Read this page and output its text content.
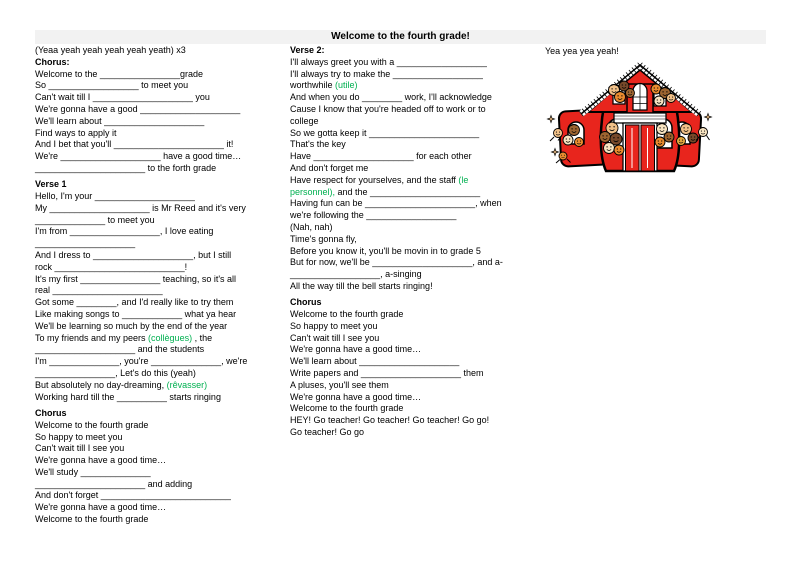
Welcome to the fourth grade!
(Yeaa yeah yeah yeah yeah yeath) x3
Chorus:
Welcome to the ________________grade
So __________________ to meet you
Can't wait till I ____________________ you
We're gonna have a good ____________________
We'll learn about ____________________
Find ways to apply it
And I bet that you'll ______________________ it!
We're ____________________ have a good time…
______________________ to the forth grade
Verse 1
Hello, I'm your ____________________
My ____________________ is Mr Reed and it's very
______________ to meet you
I'm from __________________, I love eating
____________________
And I dress to ____________________, but I still
rock __________________________!
It's my first ________________ teaching, so it's all
real ______________________
Got some ________, and I'd really like to try them
Like making songs to ____________ what ya hear
We'll be learning so much by the end of the year
To my friends and my peers (collègues) , the
____________________ and the students
I'm ______________, you're ______________, we're
________________, Let's do this (yeah)
But absolutely no day-dreaming, (rêvasser)
Working hard till the __________ starts ringing
Chorus
Welcome to the fourth grade
So happy to meet you
Can't wait till I see you
We're gonna have a good time…
We'll study ______________
______________________ and adding
And don't forget __________________________
We're gonna have a good time…
Welcome to the fourth grade
Verse 2:
I'll always greet you with a __________________
I'll always try to make the __________________
worthwhile (utile)
And when you do ________ work, I'll acknowledge
Cause I know that you're headed off to work or to
college
So we gotta keep it ______________________
That's the key
Have ____________________ for each other
And don't forget me
Have respect for yourselves, and the staff (le
personnel), and the ______________________
Having fun can be ______________________, when
we're following the __________________
(Nah, nah)
Time's gonna fly,
Before you know it, you'll be movin in to grade 5
But for now, we'll be ____________________, and a-
__________________, a-singing
All the way till the bell starts ringing!
Chorus
Welcome to the fourth grade
So happy to meet you
Can't wait till I see you
We're gonna have a good time…
We'll learn about ____________________
Write papers and ____________________ them
A pluses, you'll see them
We're gonna have a good time…
Welcome to the fourth grade
HEY! Go teacher! Go teacher! Go teacher! Go go!
Go teacher! Go go
Yea yea yea yeah!
